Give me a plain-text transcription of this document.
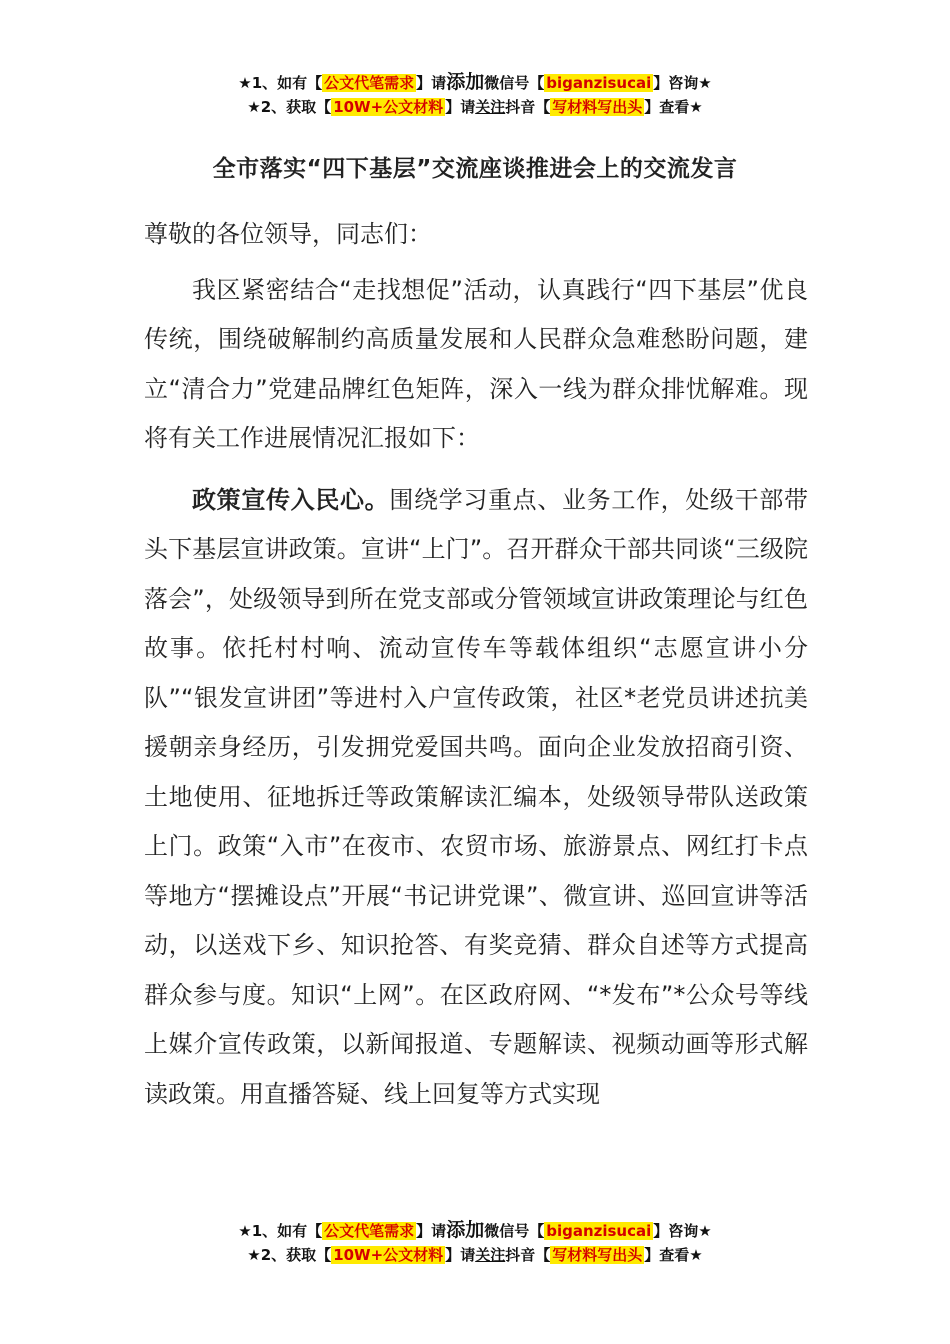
★1、如有【 公文代笔需求 】请添加微信号【 biganzisucai 】咨询★
★2、获取【 10W+公文材料 】请关注抖音【 写材料写出头 】查看★
全市落实“四下基层”交流座谈推进会上的交流发言

尊敬的各位领导，同志们：

我区紧密结合“走找想促”活动，认真践行“四下基层”优良传统，围绕破解制约高质量发展和人民群众急难愁盼问题，建立“清合力”党建品牌红色矩阵，深入一线为群众排忧解难。现将有关工作进展情况汇报如下：

政策宣传入民心。围绕学习重点、业务工作，处级干部带头下基层宣讲政策。宣讲“上门”。召开群众干部共同谈“三级院落会”，处级领导到所在党支部或分管领域宣讲政策理论与红色故事。依托村村响、流动宣传车等载体组织“志愿宣讲小分队”“银发宣讲团”等进村入户宣传政策，社区*老党员讲述抗美援朝亲身经历，引发拥党爱国共鸣。面向企业发放招商引资、土地使用、征地拆迁等政策解读汇编本，处级领导带队送政策上门。政策“入市”在夜市、农贸市场、旅游景点、网红打卡点等地方“摆摊设点”开展“书记讲党课”、微宣讲、巡回宣讲等活动，以送戏下乡、知识抢答、有奖竞猜、群众自述等方式提高群众参与度。知识“上网”。在区政府网、“*发布”*公众号等线上媒介宣传政策，以新闻报道、专题解读、视频动画等形式解读政策。用直播答疑、线上回复等方式实现

★1、如有【 公文代笔需求 】请添加微信号【 biganzisucai 】咨询★
★2、获取【 10W+公文材料 】请关注抖音【 写材料写出头 】查看★
